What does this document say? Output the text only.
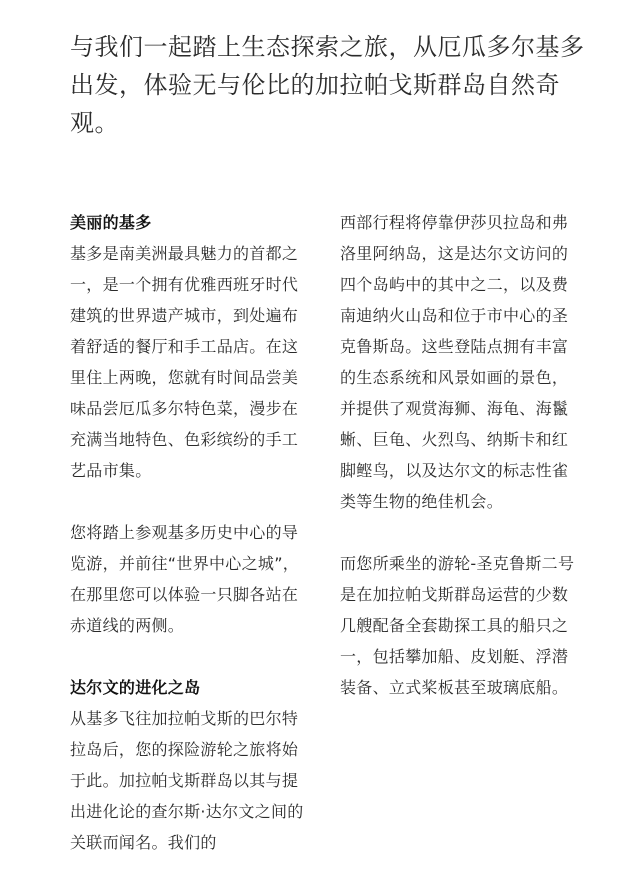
与我们一起踏上生态探索之旅，从厄瓜多尔基多出发，体验无与伦比的加拉帕戈斯群岛自然奇观。

美丽的基多

基多是南美洲最具魅力的首都之一，是一个拥有优雅西班牙时代建筑的世界遗产城市，到处遍布着舒适的餐厅和手工品店。在这里住上两晚，您就有时间品尝美味品尝厄瓜多尔特色菜，漫步在充满当地特色、色彩缤纷的手工艺品市集。

您将踏上参观基多历史中心的导览游，并前往“世界中心之城”，在那里您可以体验一只脚各站在赤道线的两侧。

达尔文的进化之岛

从基多飞往加拉帕戈斯的巴尔特拉岛后，您的探险游轮之旅将始于此。加拉帕戈斯群岛以其与提出进化论的查尔斯·达尔文之间的关联而闻名。我们的

西部行程将停靠伊莎贝拉岛和弗洛里阿纳岛，这是达尔文访问的四个岛屿中的其中之二，以及费南迪纳火山岛和位于市中心的圣克鲁斯岛。这些登陆点拥有丰富的生态系统和风景如画的景色，并提供了观赏海狮、海龟、海鬣蜥、巨龟、火烈鸟、纳斯卡和红脚鲣鸟，以及达尔文的标志性雀类等生物的绝佳机会。

而您所乘坐的游轮-圣克鲁斯二号是在加拉帕戈斯群岛运营的少数几艘配备全套勘探工具的船只之一，包括攀加船、皮划艇、浮潜装备、立式桨板甚至玻璃底船。
